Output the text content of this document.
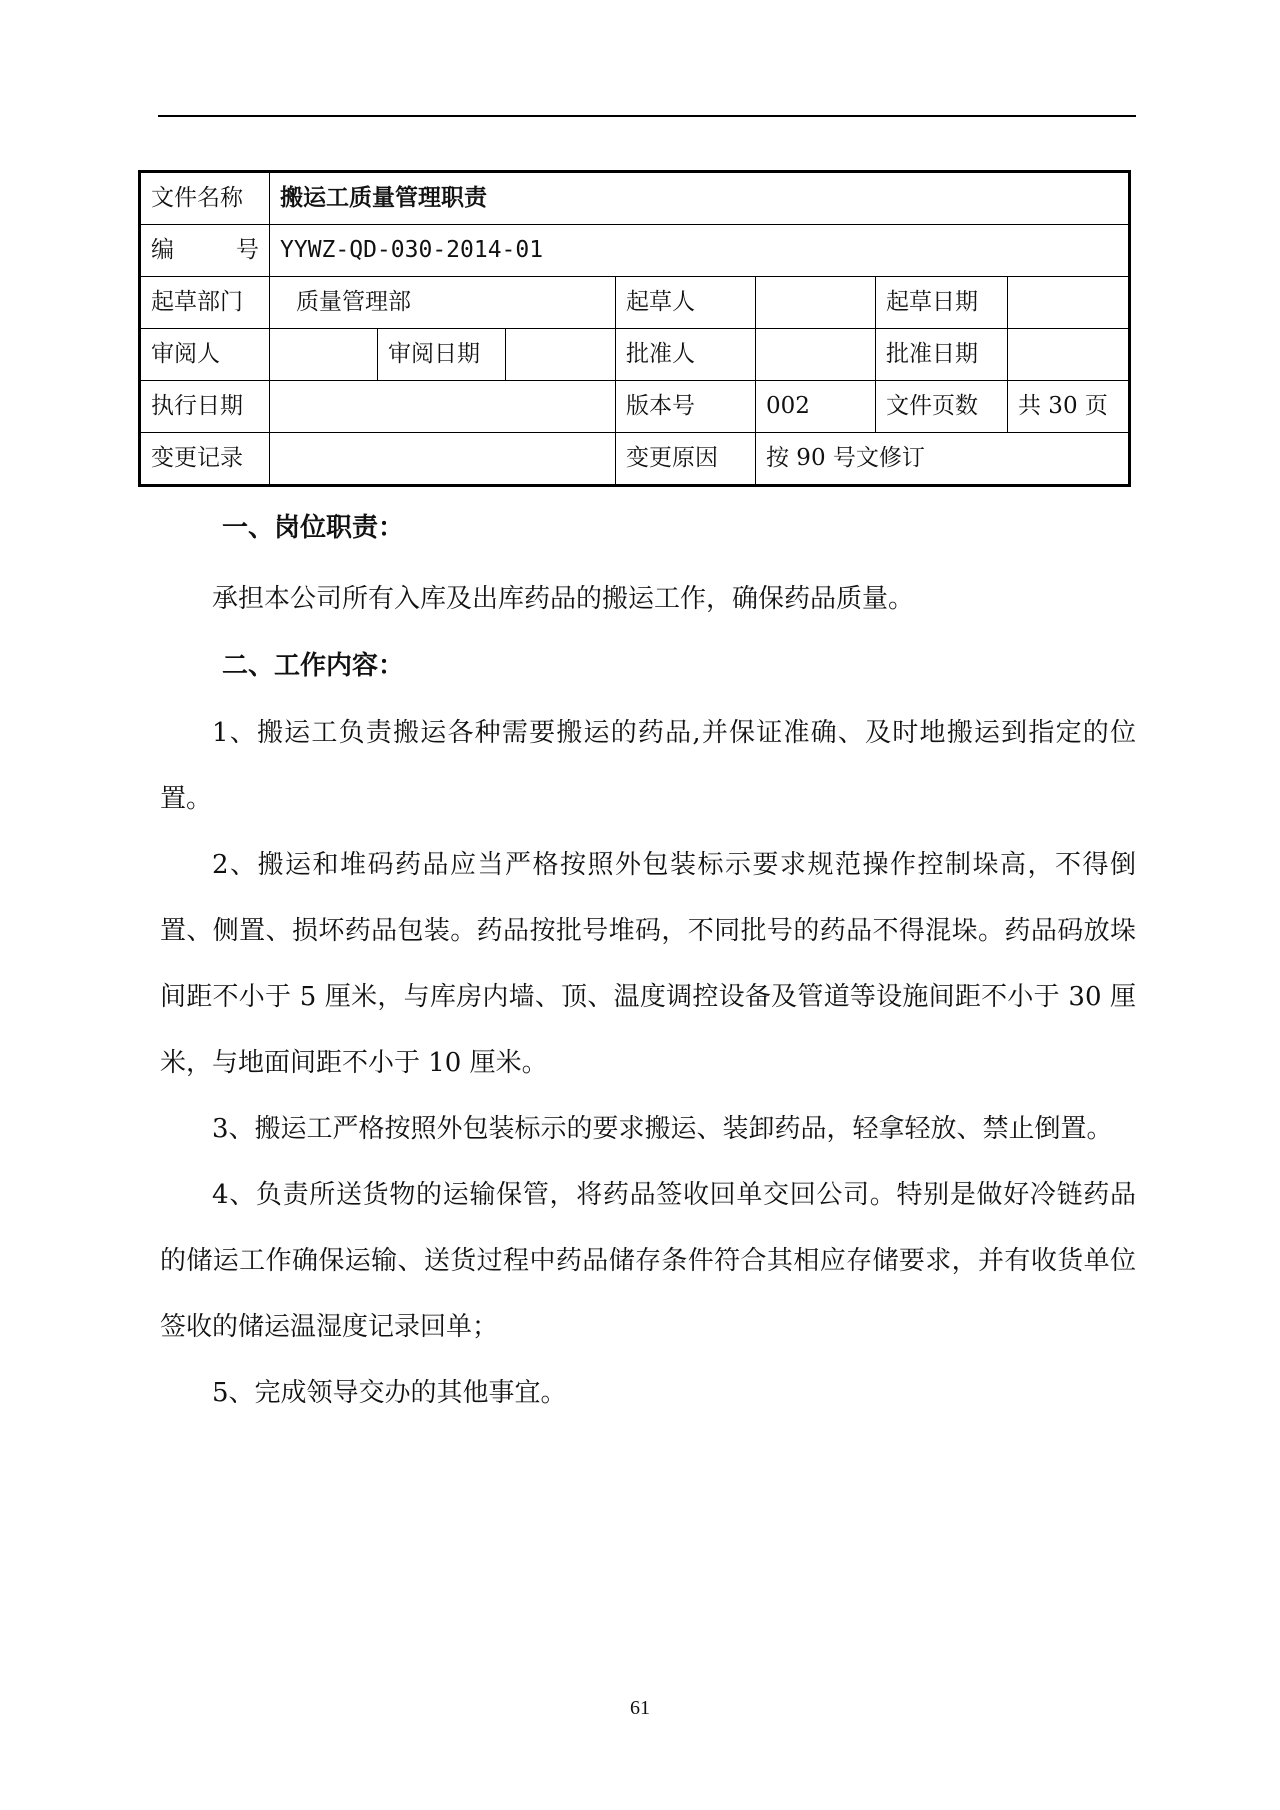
文件名称	搬运工质量管理职责						

编 号	YYWZ-QD-030-2014-01						
起草部门	质量管理部			起草人		起草日期	
审阅人		审阅日期		批准人		批准日期	
执行日期				版本号	002	文件页数	共 30 页
变更记录				变更原因	按 90 号文修订		
一、岗位职责：

承担本公司所有入库及出库药品的搬运工作，确保药品质量。

二、工作内容：

1、搬运工负责搬运各种需要搬运的药品,并保证准确、及时地搬运到指定的位置。

2、搬运和堆码药品应当严格按照外包装标示要求规范操作控制垛高，不得倒置、侧置、损坏药品包装。药品按批号堆码，不同批号的药品不得混垛。药品码放垛间距不小于 5 厘米，与库房内墙、顶、温度调控设备及管道等设施间距不小于 30 厘米，与地面间距不小于 10 厘米。

3、搬运工严格按照外包装标示的要求搬运、装卸药品，轻拿轻放、禁止倒置。

4、负责所送货物的运输保管，将药品签收回单交回公司。特别是做好冷链药品的储运工作确保运输、送货过程中药品储存条件符合其相应存储要求，并有收货单位签收的储运温湿度记录回单；

5、完成领导交办的其他事宜。

61
